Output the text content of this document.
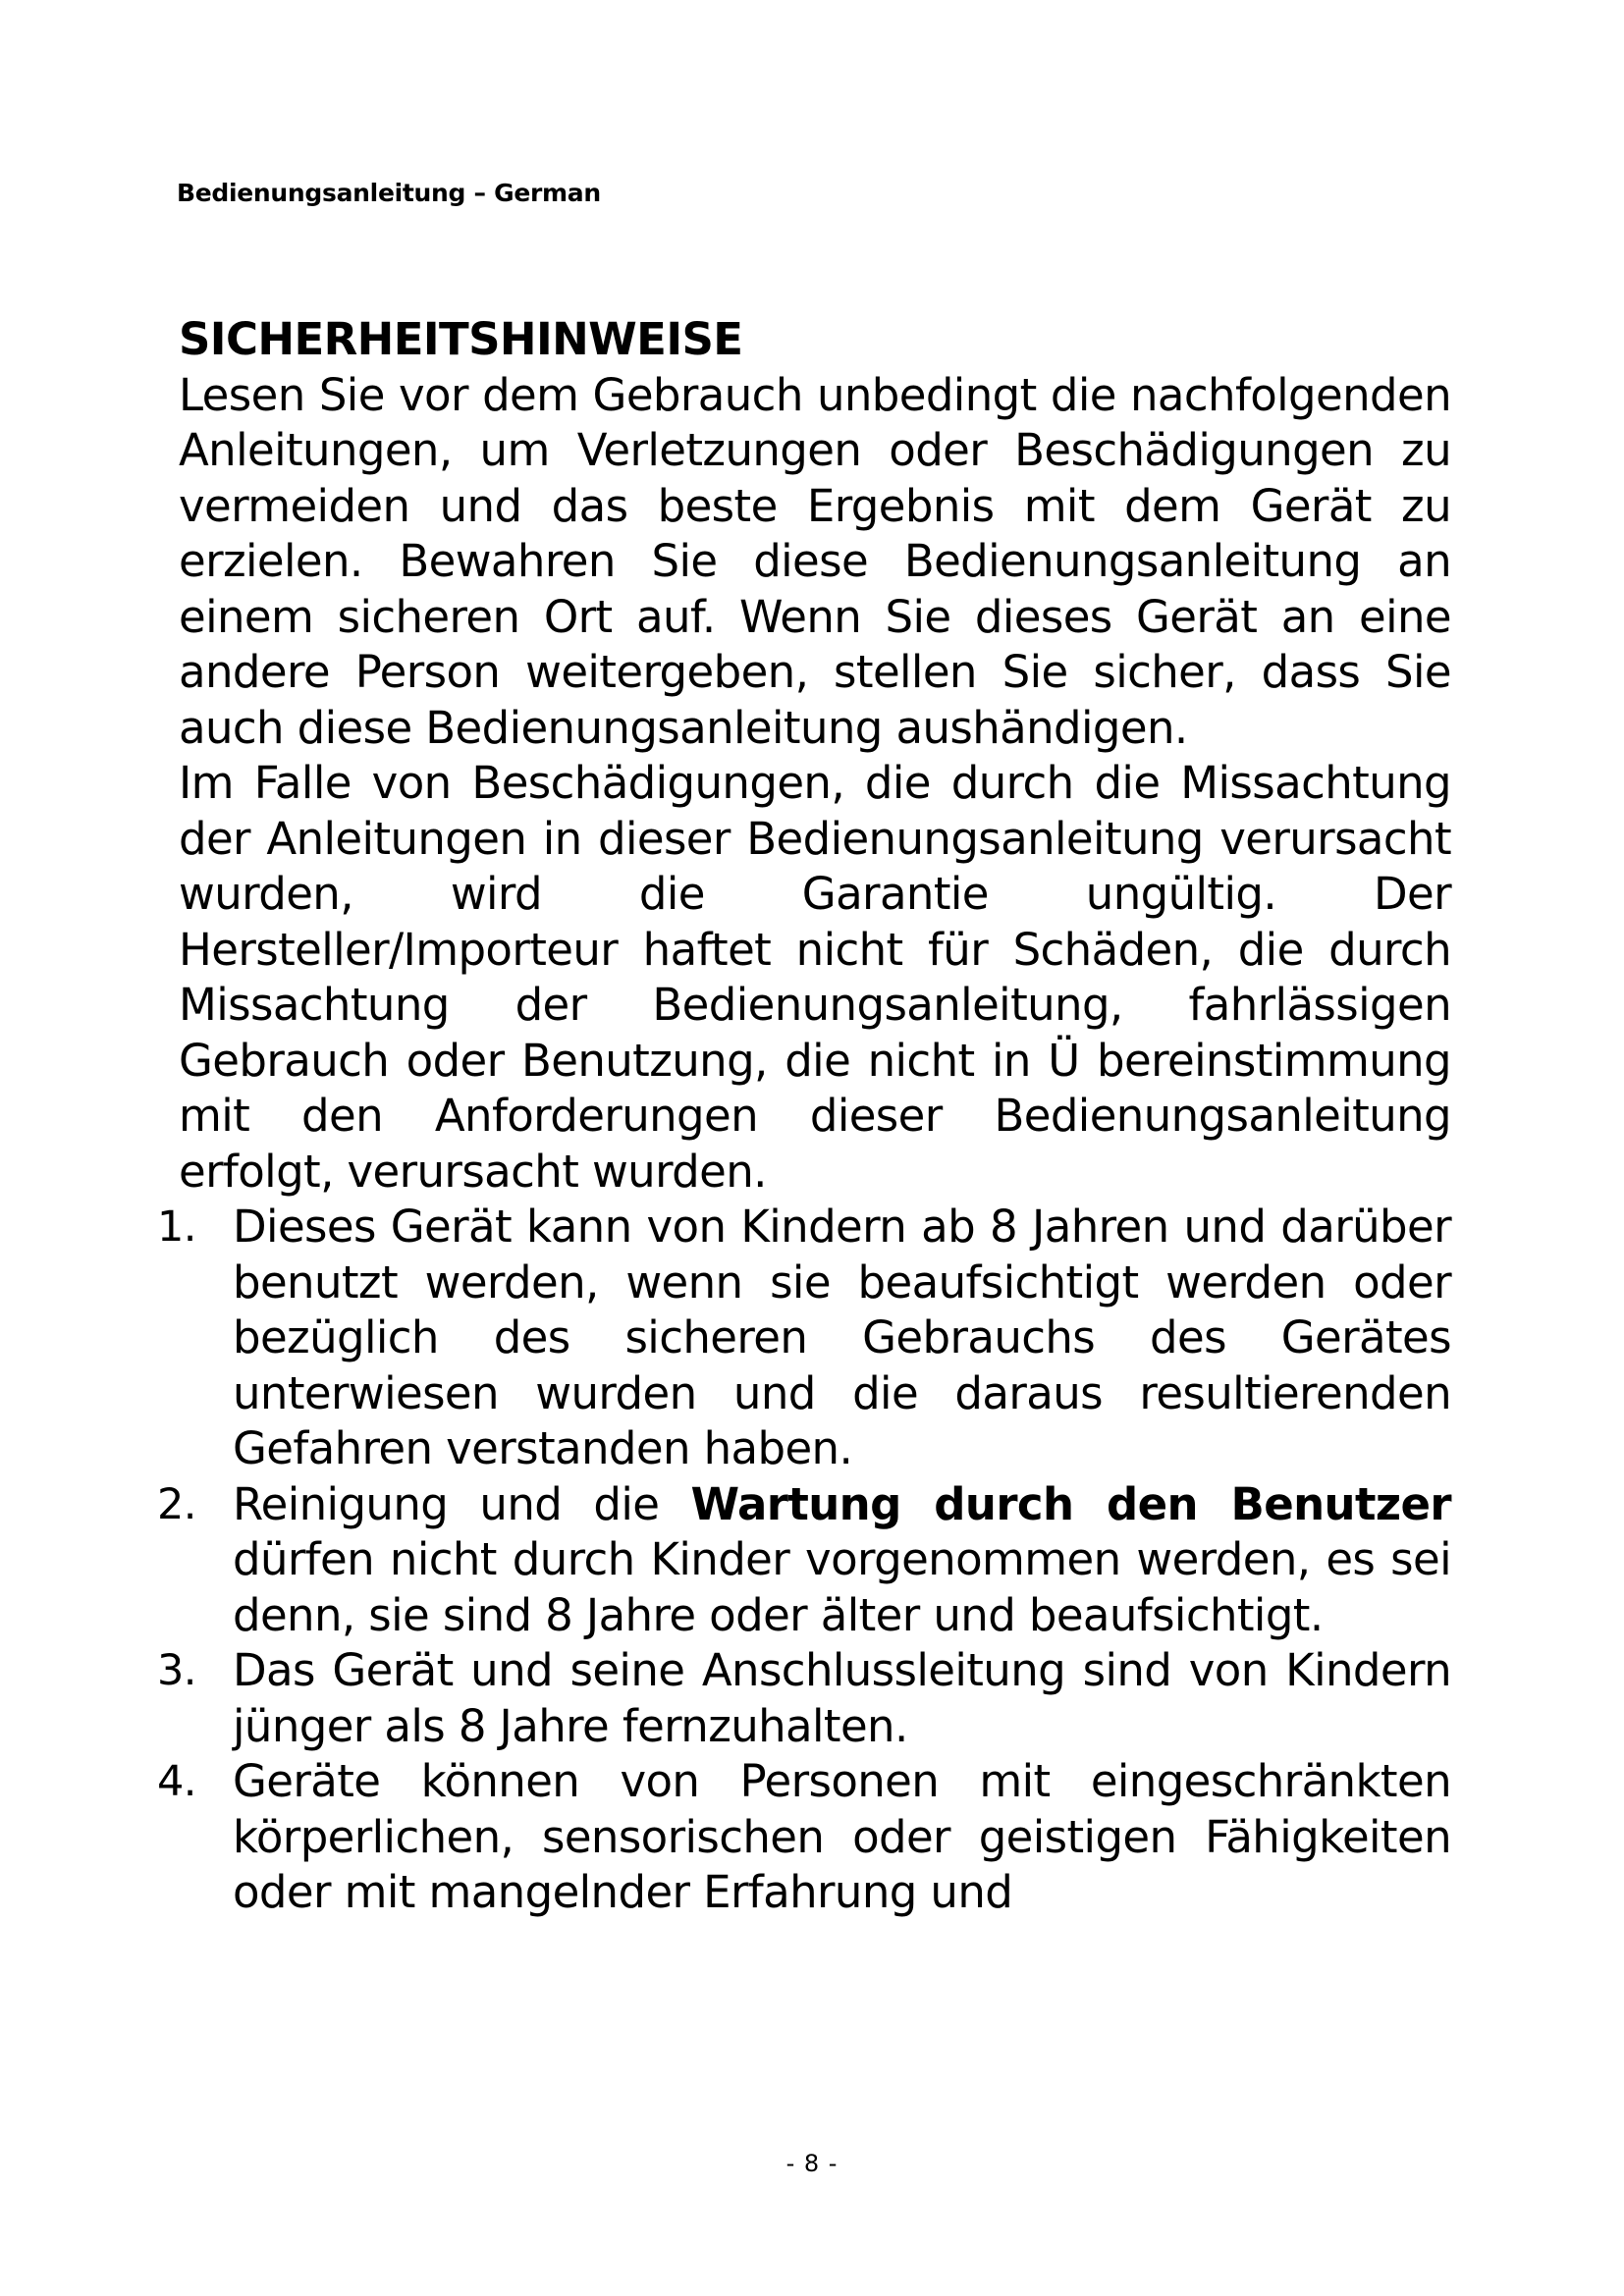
Bedienungsanleitung – German
SICHERHEITSHINWEISE

Lesen Sie vor dem Gebrauch unbedingt die nachfolgenden Anleitungen, um Verletzungen oder Beschädigungen zu vermeiden und das beste Ergebnis mit dem Gerät zu erzielen. Bewahren Sie diese Bedienungsanleitung an einem sicheren Ort auf. Wenn Sie dieses Gerät an eine andere Person weitergeben, stellen Sie sicher, dass Sie auch diese Bedienungsanleitung aushändigen.

Im Falle von Beschädigungen, die durch die Missachtung der Anleitungen in dieser Bedienungsanleitung verursacht wurden, wird die Garantie ungültig. Der Hersteller/Importeur haftet nicht für Schäden, die durch Missachtung der Bedienungsanleitung, fahrlässigen Gebrauch oder Benutzung, die nicht in Ü bereinstimmung mit den Anforderungen dieser Bedienungsanleitung erfolgt, verursacht wurden.

1. Dieses Gerät kann von Kindern ab 8 Jahren und darüber benutzt werden, wenn sie beaufsichtigt werden oder bezüglich des sicheren Gebrauchs des Gerätes unterwiesen wurden und die daraus resultierenden Gefahren verstanden haben.
2. Reinigung und die Wartung durch den Benutzer dürfen nicht durch Kinder vorgenommen werden, es sei denn, sie sind 8 Jahre oder älter und beaufsichtigt.
3. Das Gerät und seine Anschlussleitung sind von Kindern jünger als 8 Jahre fernzuhalten.
4. Geräte können von Personen mit eingeschränkten körperlichen, sensorischen oder geistigen Fähigkeiten oder mit mangelnder Erfahrung und
- 8 -
